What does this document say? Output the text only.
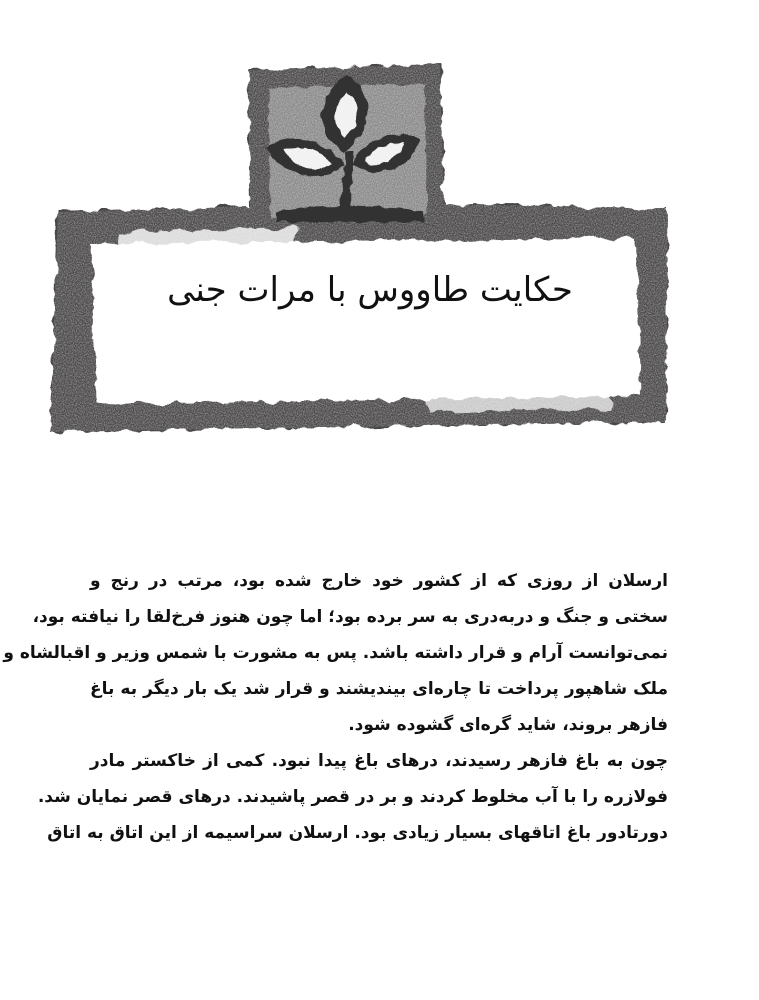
حکایت طاووس با مرات جنی

ارسلان از روزی که از کشور خود خارج شده بود، مرتب در رنج و
سختی و جنگ و دربه‌دری به سر برده بود؛ اما چون هنوز فرخ‌لقا را نیافته بود،
نمی‌توانست آرام و قرار داشته باشد. پس به مشورت با شمس وزیر و اقبالشاه و
ملک شاهپور پرداخت تا چاره‌ای بیندیشند و قرار شد یک بار دیگر به باغ
فازهر بروند، شاید گره‌ای گشوده شود.

چون به باغ فازهر رسیدند، درهای باغ پیدا نبود. کمی از خاکستر مادر
فولازره را با آب مخلوط کردند و بر در قصر پاشیدند. درهای قصر نمایان شد.
دورتادور باغ اتاقهای بسیار زیادی بود. ارسلان سراسیمه از این اتاق به اتاق
